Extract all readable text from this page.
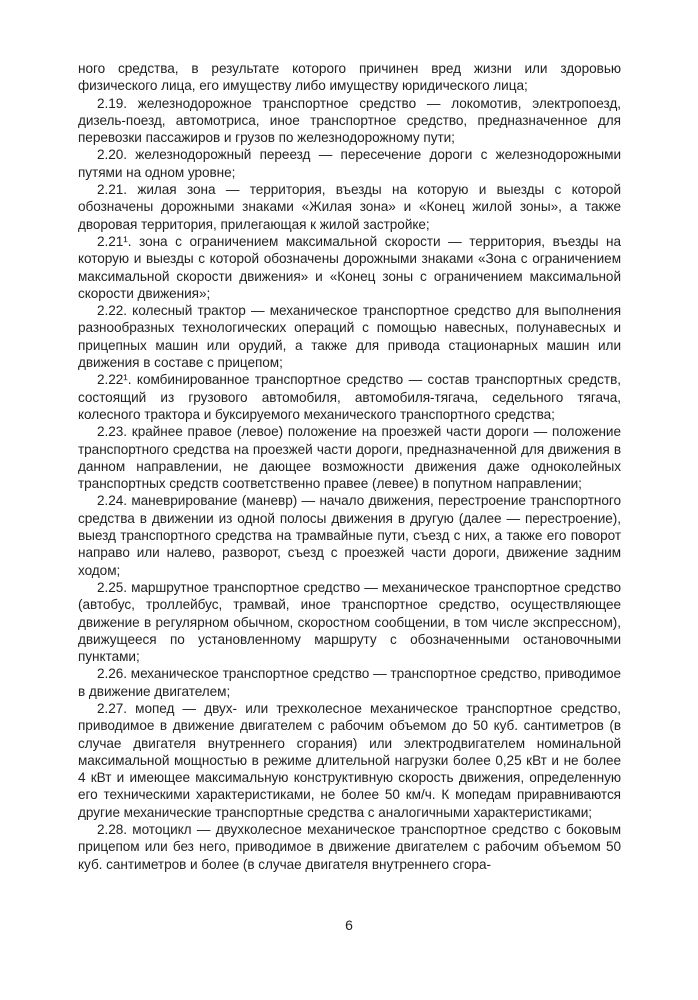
ного средства, в результате которого причинен вред жизни или здоровью физического лица, его имуществу либо имуществу юридического лица;

2.19. железнодорожное транспортное средство — локомотив, электропоезд, дизель-поезд, автомотриса, иное транспортное средство, предназначенное для перевозки пассажиров и грузов по железнодорожному пути;

2.20. железнодорожный переезд — пересечение дороги с железнодорожными путями на одном уровне;

2.21. жилая зона — территория, въезды на которую и выезды с которой обозначены дорожными знаками «Жилая зона» и «Конец жилой зоны», а также дворовая территория, прилегающая к жилой застройке;

2.21¹. зона с ограничением максимальной скорости — территория, въезды на которую и выезды с которой обозначены дорожными знаками «Зона с ограничением максимальной скорости движения» и «Конец зоны с ограничением максимальной скорости движения»;

2.22. колесный трактор — механическое транспортное средство для выполнения разнообразных технологических операций с помощью навесных, полунавесных и прицепных машин или орудий, а также для привода стационарных машин или движения в составе с прицепом;

2.22¹. комбинированное транспортное средство — состав транспортных средств, состоящий из грузового автомобиля, автомобиля-тягача, седельного тягача, колесного трактора и буксируемого механического транспортного средства;

2.23. крайнее правое (левое) положение на проезжей части дороги — положение транспортного средства на проезжей части дороги, предназначенной для движения в данном направлении, не дающее возможности движения даже одноколейных транспортных средств соответственно правее (левее) в попутном направлении;

2.24. маневрирование (маневр) — начало движения, перестроение транспортного средства в движении из одной полосы движения в другую (далее — перестроение), выезд транспортного средства на трамвайные пути, съезд с них, а также его поворот направо или налево, разворот, съезд с проезжей части дороги, движение задним ходом;

2.25. маршрутное транспортное средство — механическое транспортное средство (автобус, троллейбус, трамвай, иное транспортное средство, осуществляющее движение в регулярном обычном, скоростном сообщении, в том числе экспрессном), движущееся по установленному маршруту с обозначенными остановочными пунктами;

2.26. механическое транспортное средство — транспортное средство, приводимое в движение двигателем;

2.27. мопед — двух- или трехколесное механическое транспортное средство, приводимое в движение двигателем с рабочим объемом до 50 куб. сантиметров (в случае двигателя внутреннего сгорания) или электродвигателем номинальной максимальной мощностью в режиме длительной нагрузки более 0,25 кВт и не более 4 кВт и имеющее максимальную конструктивную скорость движения, определенную его техническими характеристиками, не более 50 км/ч. К мопедам приравниваются другие механические транспортные средства с аналогичными характеристиками;

2.28. мотоцикл — двухколесное механическое транспортное средство с боковым прицепом или без него, приводимое в движение двигателем с рабочим объемом 50 куб. сантиметров и более (в случае двигателя внутреннего сгора-

6
